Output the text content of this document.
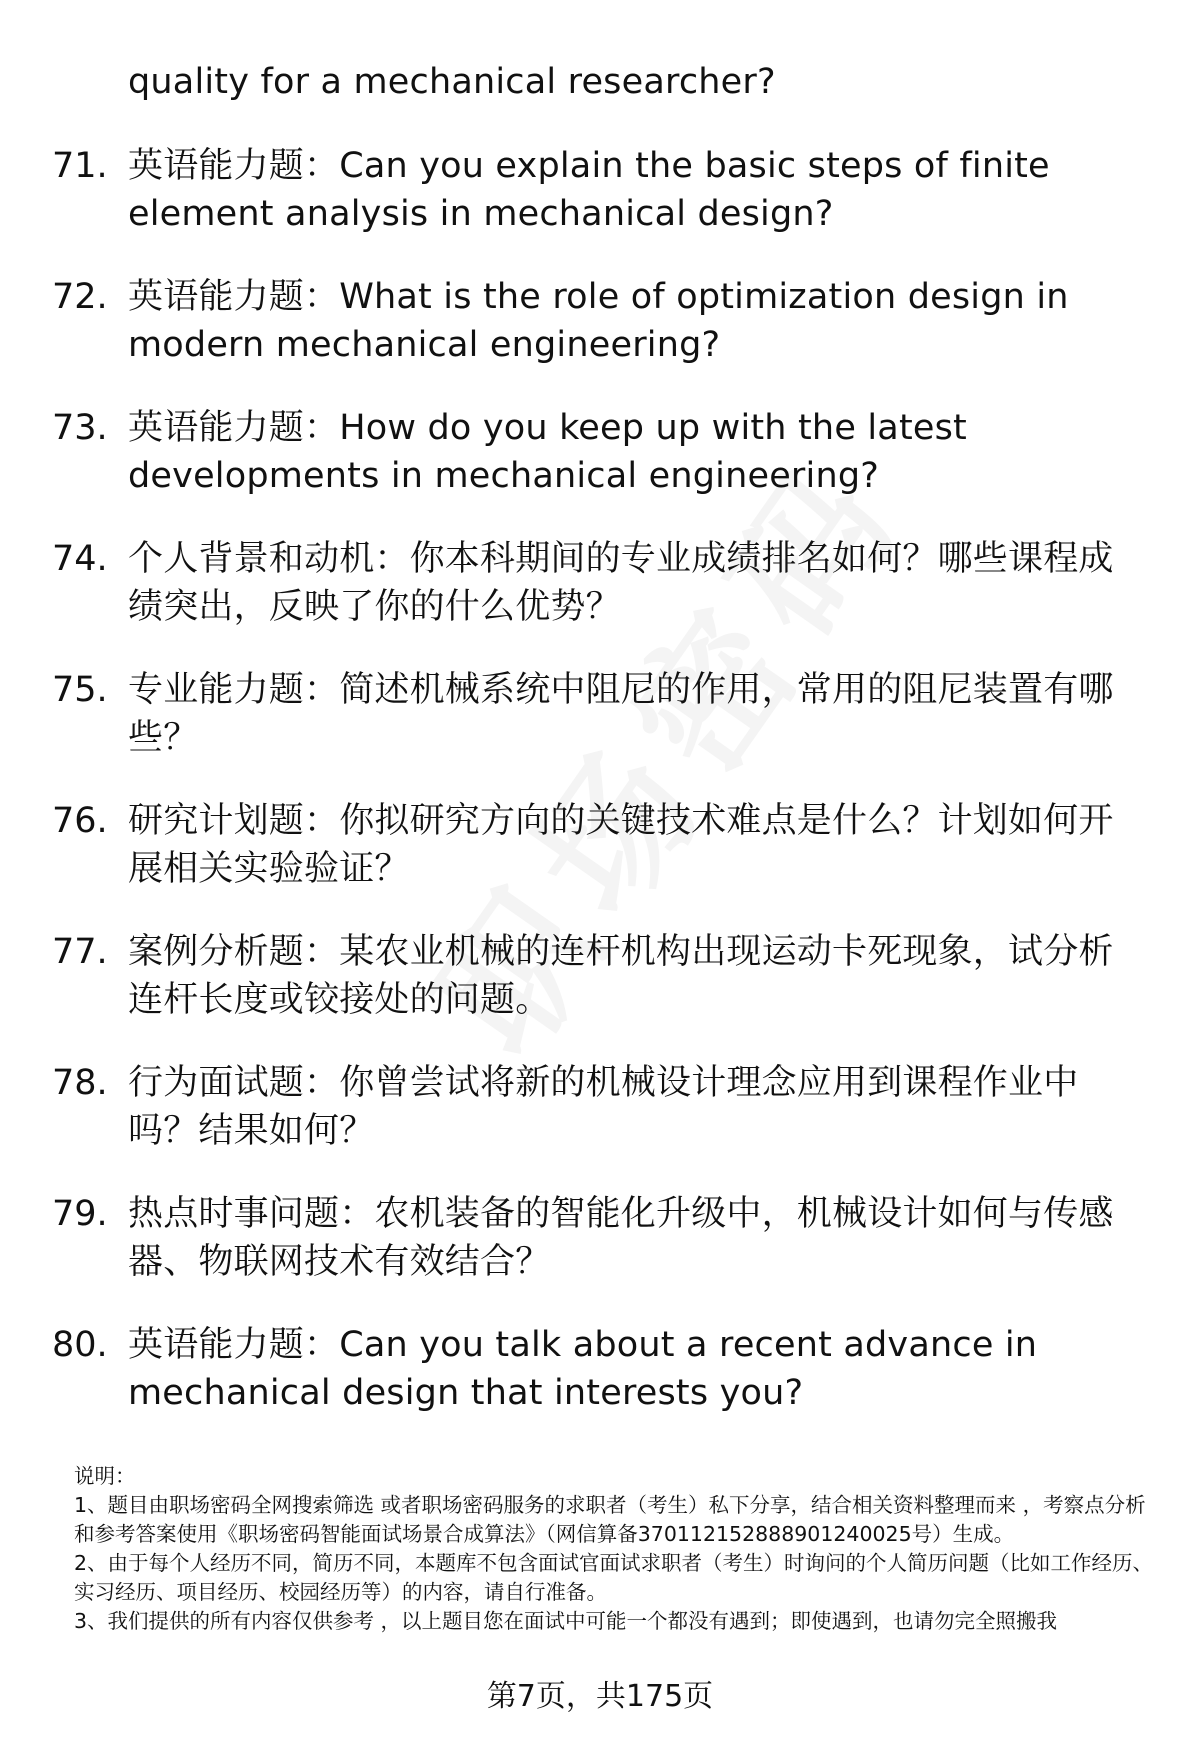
quality for a mechanical researcher?
71. 英语能力题：Can you explain the basic steps of finite element analysis in mechanical design?
72. 英语能力题：What is the role of optimization design in modern mechanical engineering?
73. 英语能力题：How do you keep up with the latest developments in mechanical engineering?
74. 个人背景和动机：你本科期间的专业成绩排名如何？哪些课程成绩突出，反映了你的什么优势？
75. 专业能力题：简述机械系统中阻尼的作用，常用的阻尼装置有哪些？
76. 研究计划题：你拟研究方向的关键技术难点是什么？计划如何开展相关实验验证？
77. 案例分析题：某农业机械的连杆机构出现运动卡死现象，试分析连杆长度或铰接处的问题。
78. 行为面试题：你曾尝试将新的机械设计理念应用到课程作业中吗？结果如何？
79. 热点时事问题：农机装备的智能化升级中，机械设计如何与传感器、物联网技术有效结合？
80. 英语能力题：Can you talk about a recent advance in mechanical design that interests you?

说明：

1、题目由职场密码全网搜索筛选 或者职场密码服务的求职者（考生）私下分享，结合相关资料整理而来 ，考察点分析和参考答案使用《职场密码智能面试场景合成算法》（网信算备370112152888901240025号）生成。

2、由于每个人经历不同，简历不同，本题库不包含面试官面试求职者（考生）时询问的个人简历问题（比如工作经历、实习经历、项目经历、校园经历等）的内容，请自行准备。

3、我们提供的所有内容仅供参考 ，以上题目您在面试中可能一个都没有遇到；即使遇到，也请勿完全照搬我

第7页，共175页
